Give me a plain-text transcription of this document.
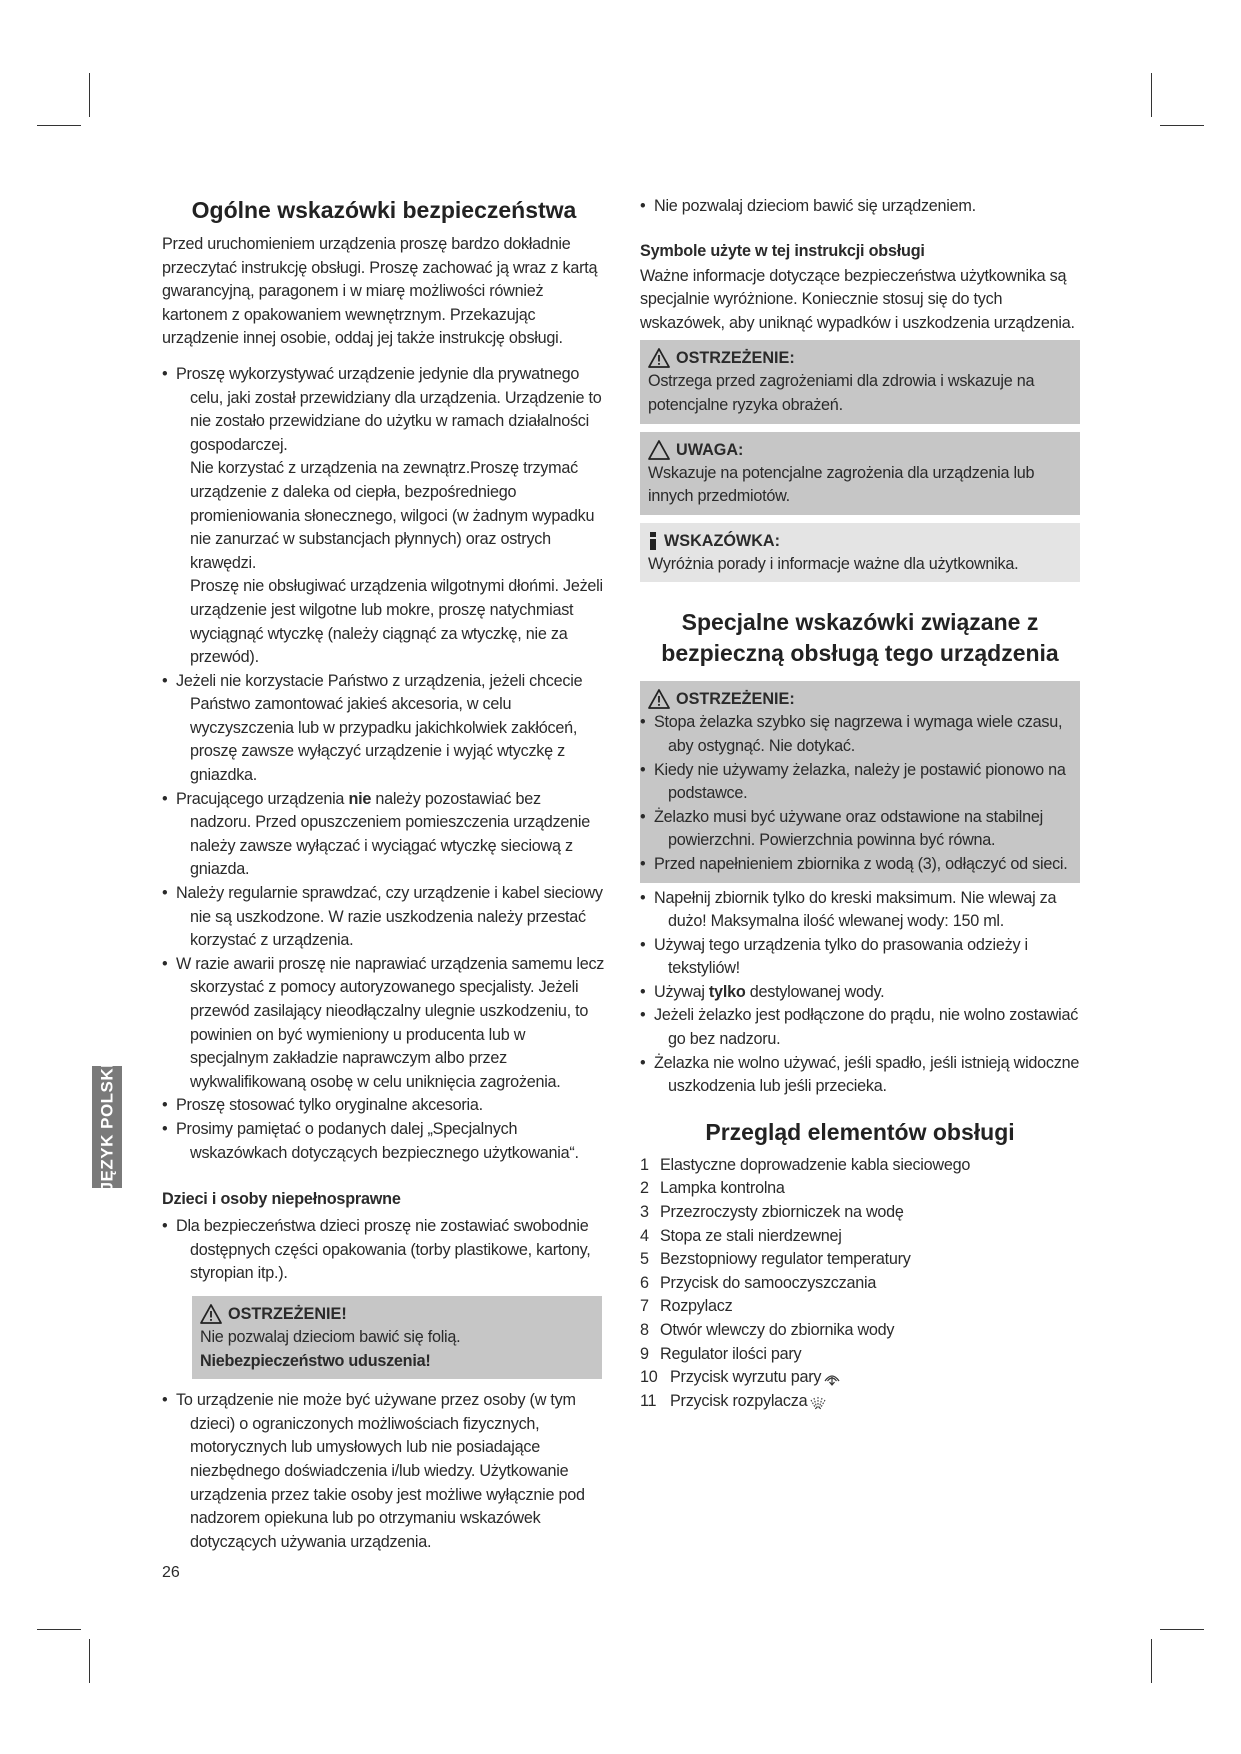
JĘZYK POLSKI
Ogólne wskazówki bezpieczeństwa

Przed uruchomieniem urządzenia proszę bardzo dokładnie przeczytać instrukcję obsługi. Proszę zachować ją wraz z kartą gwarancyjną, paragonem i w miarę możliwości również kartonem z opakowaniem wewnętrznym. Przekazując urządzenie innej osobie, oddaj jej także instrukcję obsługi.

• Proszę wykorzystywać urządzenie jedynie dla prywatnego celu, jaki został przewidziany dla urządzenia. Urządzenie to nie zostało przewidziane do użytku w ramach działalności gospodarczej.
Nie korzystać z urządzenia na zewnątrz.Proszę trzymać urządzenie z daleka od ciepła, bezpośredniego promieniowania słonecznego, wilgoci (w żadnym wypadku nie zanurzać w substancjach płynnych) oraz ostrych krawędzi.
Proszę nie obsługiwać urządzenia wilgotnymi dłońmi. Jeżeli urządzenie jest wilgotne lub mokre, proszę natychmiast wyciągnąć wtyczkę (należy ciągnąć za wtyczkę, nie za przewód).
• Jeżeli nie korzystacie Państwo z urządzenia, jeżeli chcecie Państwo zamontować jakieś akcesoria, w celu wyczyszczenia lub w przypadku jakichkolwiek zakłóceń, proszę zawsze wyłączyć urządzenie i wyjąć wtyczkę z gniazdka.
• Pracującego urządzenia nie należy pozostawiać bez nadzoru. Przed opuszczeniem pomieszczenia urządzenie należy zawsze wyłączać i wyciągać wtyczkę sieciową z gniazda.
• Należy regularnie sprawdzać, czy urządzenie i kabel sieciowy nie są uszkodzone. W razie uszkodzenia należy przestać korzystać z urządzenia.
• W razie awarii proszę nie naprawiać urządzenia samemu lecz skorzystać z pomocy autoryzowanego specjalisty. Jeżeli przewód zasilający nieodłączalny ulegnie uszkodzeniu, to powinien on być wymieniony u producenta lub w specjalnym zakładzie naprawczym albo przez wykwalifikowaną osobę w celu uniknięcia zagrożenia.
• Proszę stosować tylko oryginalne akcesoria.
• Prosimy pamiętać o podanych dalej „Specjalnych wskazówkach dotyczących bezpiecznego użytkowania“.
Dzieci i osoby niepełnosprawne
• Dla bezpieczeństwa dzieci proszę nie zostawiać swobodnie dostępnych części opakowania (torby plastikowe, kartony, styropian itp.).
OSTRZEŻENIE!
Nie pozwalaj dzieciom bawić się folią.
Niebezpieczeństwo uduszenia!
• To urządzenie nie może być używane przez osoby (w tym dzieci) o ograniczonych możliwościach fizycznych, motorycznych lub umysłowych lub nie posiadające niezbędnego doświadczenia i/lub wiedzy. Użytkowanie urządzenia przez takie osoby jest możliwe wyłącznie pod nadzorem opiekuna lub po otrzymaniu wskazówek dotyczących używania urządzenia.
• Nie pozwalaj dzieciom bawić się urządzeniem.
Symbole użyte w tej instrukcji obsługi

Ważne informacje dotyczące bezpieczeństwa użytkownika są specjalnie wyróżnione. Koniecznie stosuj się do tych wskazówek, aby uniknąć wypadków i uszkodzenia urządzenia.

OSTRZEŻENIE:
Ostrzega przed zagrożeniami dla zdrowia i wskazuje na potencjalne ryzyka obrażeń.
UWAGA:
Wskazuje na potencjalne zagrożenia dla urządzenia lub innych przedmiotów.
WSKAZÓWKA:
Wyróżnia porady i informacje ważne dla użytkownika.
Specjalne wskazówki związane z bezpieczną obsługą tego urządzenia
OSTRZEŻENIE:
• Stopa żelazka szybko się nagrzewa i wymaga wiele czasu, aby ostygnąć. Nie dotykać.
• Kiedy nie używamy żelazka, należy je postawić pionowo na podstawce.
• Żelazko musi być używane oraz odstawione na stabilnej powierzchni. Powierzchnia powinna być równa.
• Przed napełnieniem zbiornika z wodą (3), odłączyć od sieci.
• Napełnij zbiornik tylko do kreski maksimum. Nie wlewaj za dużo! Maksymalna ilość wlewanej wody: 150 ml.
• Używaj tego urządzenia tylko do prasowania odzieży i tekstyliów!
• Używaj tylko destylowanej wody.
• Jeżeli żelazko jest podłączone do prądu, nie wolno zostawiać go bez nadzoru.
• Żelazka nie wolno używać, jeśli spadło, jeśli istnieją widoczne uszkodzenia lub jeśli przecieka.
Przegląd elementów obsługi
1 Elastyczne doprowadzenie kabla sieciowego
2 Lampka kontrolna
3 Przezroczysty zbiorniczek na wodę
4 Stopa ze stali nierdzewnej
5 Bezstopniowy regulator temperatury
6 Przycisk do samooczyszczania
7 Rozpylacz
8 Otwór wlewczy do zbiornika wody
9 Regulator ilości pary
10 Przycisk wyrzutu pary
11 Przycisk rozpylacza
26
